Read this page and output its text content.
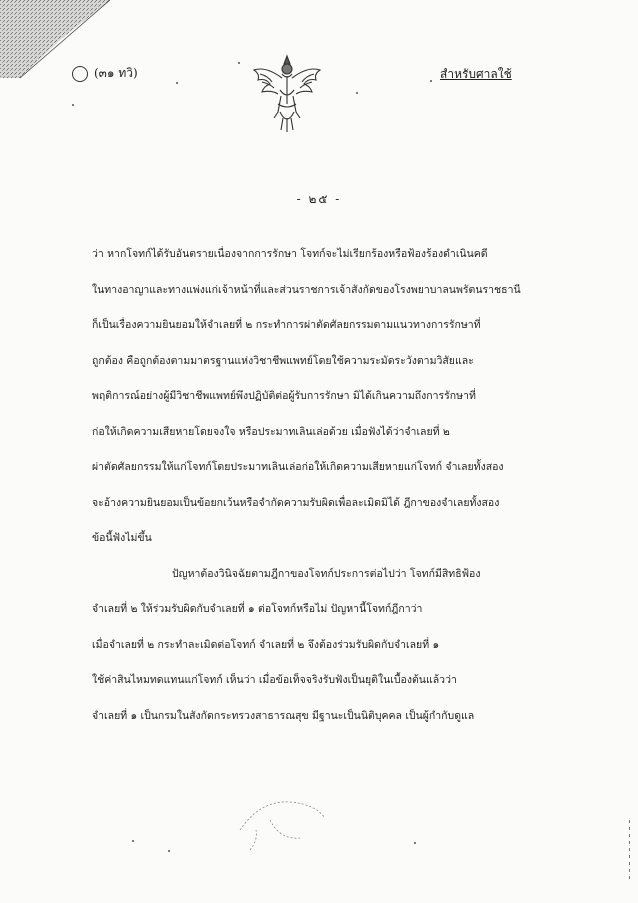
(๓๑ ทวิ)	สำหรับศาลใช้
- ๒๕ -
ว่า หากโจทก์ได้รับอันตรายเนื่องจากการรักษา โจทก์จะไม่เรียกร้องหรือฟ้องร้องดำเนินคดี
ในทางอาญาและทางแพ่งแก่เจ้าหน้าที่และส่วนราชการเจ้าสังกัดของโรงพยาบาลนพรัตนราชธานี
ก็เป็นเรื่องความยินยอมให้จำเลยที่ ๒ กระทำการผ่าตัดศัลยกรรมตามแนวทางการรักษาที่
ถูกต้อง คือถูกต้องตามมาตรฐานแห่งวิชาชีพแพทย์โดยใช้ความระมัดระวังตามวิสัยและ
พฤติการณ์อย่างผู้มีวิชาชีพแพทย์พึงปฏิบัติต่อผู้รับการรักษา มิได้เกินความถึงการรักษาที่
ก่อให้เกิดความเสียหายโดยจงใจ หรือประมาทเลินเล่อด้วย เมื่อฟังได้ว่าจำเลยที่ ๒
ผ่าตัดศัลยกรรมให้แก่โจทก์โดยประมาทเลินเล่อก่อให้เกิดความเสียหายแก่โจทก์ จำเลยทั้งสอง
จะอ้างความยินยอมเป็นข้อยกเว้นหรือจำกัดความรับผิดเพื่อละเมิดมิได้ ฎีกาของจำเลยทั้งสอง
ข้อนี้ฟังไม่ขึ้น
ปัญหาต้องวินิจฉัยตามฎีกาของโจทก์ประการต่อไปว่า โจทก์มีสิทธิฟ้อง
จำเลยที่ ๒ ให้ร่วมรับผิดกับจำเลยที่ ๑ ต่อโจทก์หรือไม่ ปัญหานี้โจทก์ฎีกาว่า
เมื่อจำเลยที่ ๒ กระทำละเมิดต่อโจทก์ จำเลยที่ ๒ จึงต้องร่วมรับผิดกับจำเลยที่ ๑
ใช้ค่าสินไหมทดแทนแก่โจทก์ เห็นว่า เมื่อข้อเท็จจริงรับฟังเป็นยุติในเบื้องต้นแล้วว่า
จำเลยที่ ๑ เป็นกรมในสังกัดกระทรวงสาธารณสุข มีฐานะเป็นนิติบุคคล เป็นผู้กำกับดูแล
